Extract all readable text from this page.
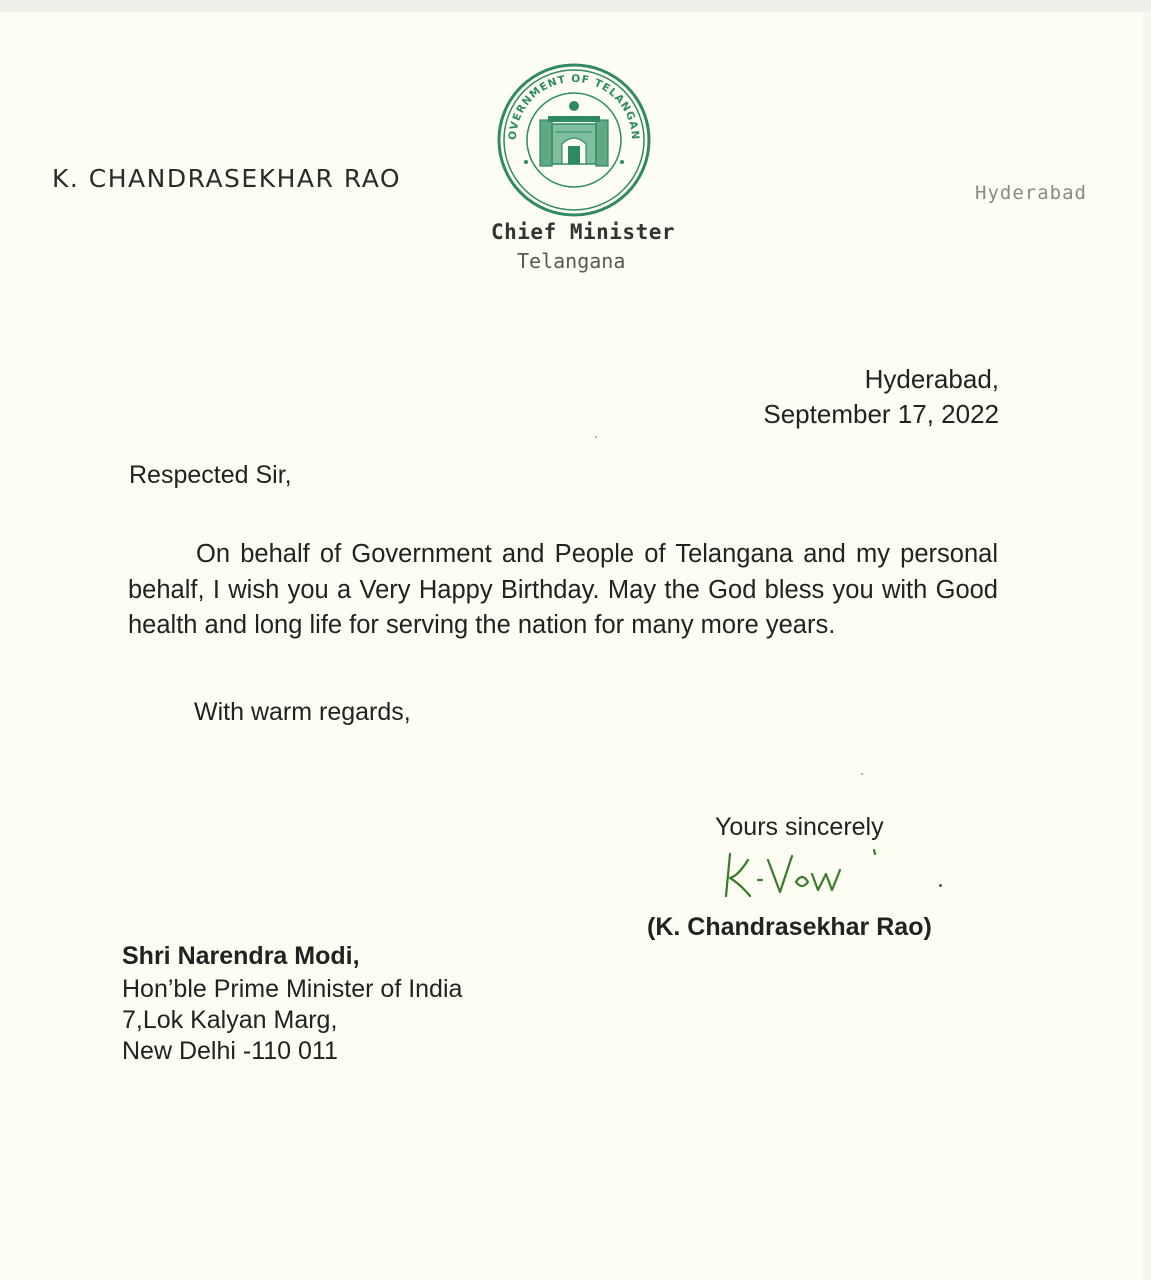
K. CHANDRASEKHAR RAO
OVERNMENT OF TELANGAN
Chief Minister
Telangana
Hyderabad
Hyderabad,
September 17, 2022
Respected Sir,
On behalf of Government and People of Telangana and my personal behalf, I wish you a Very Happy Birthday. May the God bless you with Good health and long life for serving the nation for many more years.
With warm regards,
Yours sincerely
(K. Chandrasekhar Rao)
Shri Narendra Modi,
Hon’ble Prime Minister of India
7,Lok Kalyan Marg,
New Delhi -110 011
